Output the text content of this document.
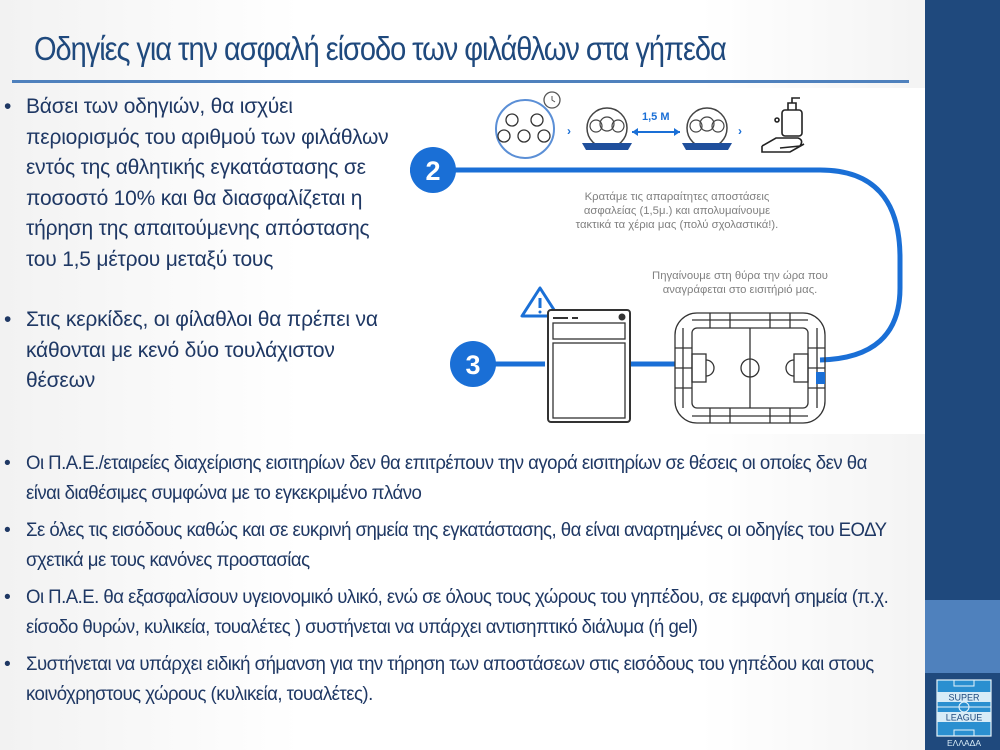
Οδηγίες για την ασφαλή είσοδο των φιλάθλων στα γήπεδα
›
1,5 M
›
2
3
Κρατάμε τις απαραίτητες αποστάσεις
ασφαλείας (1,5μ.) και απολυμαίνουμε
τακτικά τα χέρια μας (πολύ σχολαστικά!).
Πηγαίνουμε στη θύρα την ώρα που
αναγράφεται στο εισιτήριό μας.
• Βάσει των οδηγιών, θα ισχύει περιορισμός του αριθμού των φιλάθλων εντός της αθλητικής εγκατάστασης σε ποσοστό 10% και θα διασφαλίζεται η τήρηση της απαιτούμενης απόστασης του 1,5 μέτρου μεταξύ τους
• Στις κερκίδες, οι φίλαθλοι θα πρέπει να κάθονται με κενό δύο τουλάχιστον θέσεων
• Οι Π.Α.Ε./εταιρείες διαχείρισης εισιτηρίων δεν θα επιτρέπουν την αγορά εισιτηρίων σε θέσεις οι οποίες δεν θα είναι διαθέσιμες συμφώνα με το εγκεκριμένο πλάνο
• Σε όλες τις εισόδους καθώς και σε ευκρινή σημεία της εγκατάστασης, θα είναι αναρτημένες οι οδηγίες του ΕΟΔΥ σχετικά με τους κανόνες προστασίας
• Οι Π.Α.Ε. θα εξασφαλίσουν υγειονομικό υλικό, ενώ σε όλους τους χώρους του γηπέδου, σε εμφανή σημεία (π.χ. είσοδο θυρών, κυλικεία, τουαλέτες ) συστήνεται να υπάρχει αντισηπτικό διάλυμα (ή gel)
• Συστήνεται να υπάρχει ειδική σήμανση για την τήρηση των αποστάσεων στις εισόδους του γηπέδου και στους κοινόχρηστους χώρους (κυλικεία, τουαλέτες).	SUPER
LEAGUE
ΕΛΛΑΔΑ
